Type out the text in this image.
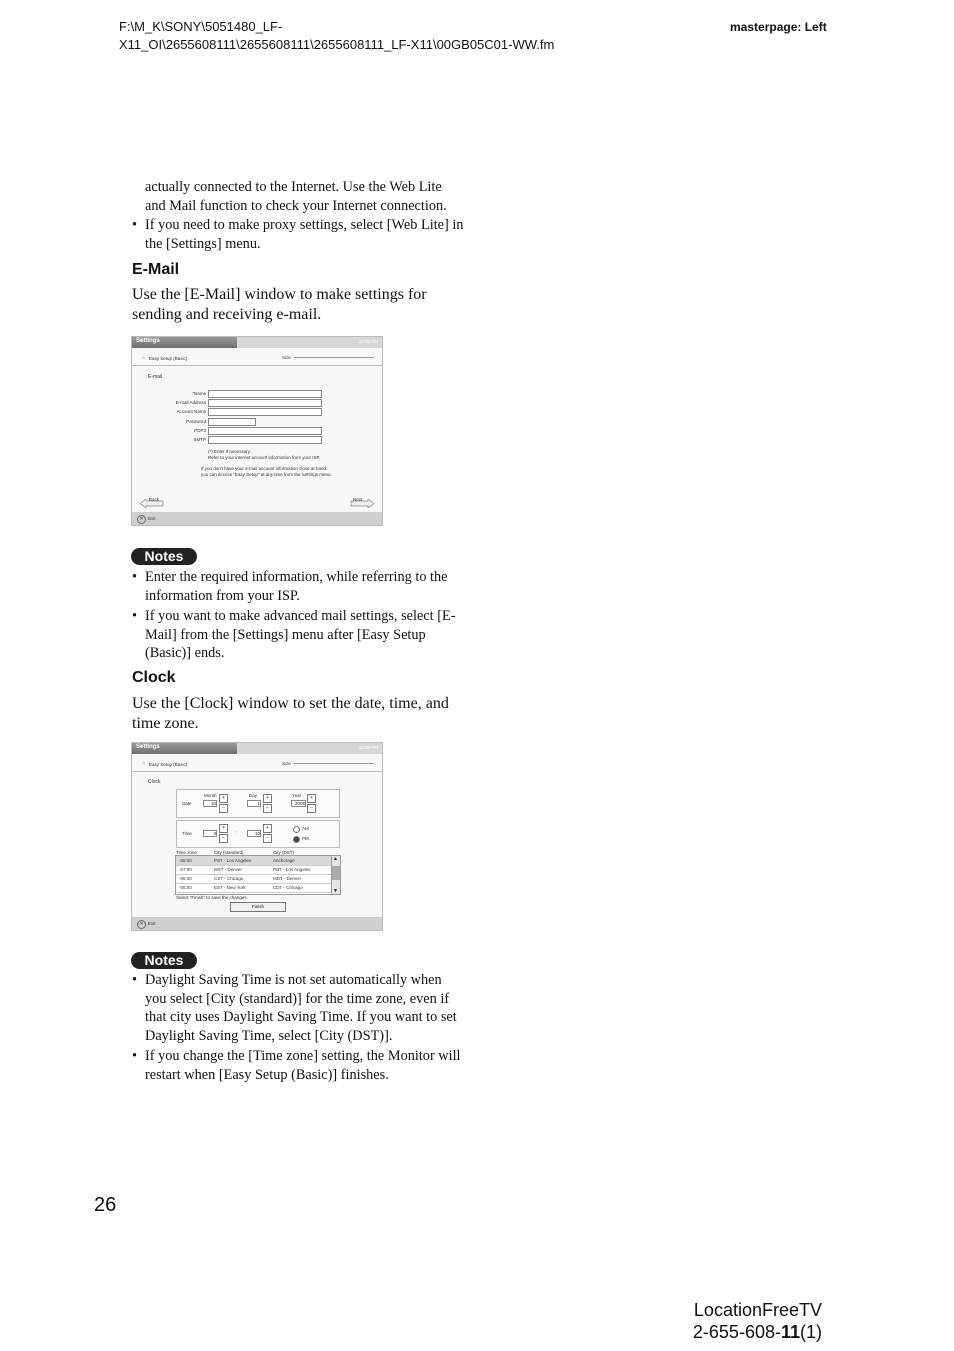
F:\M_K\SONY\5051480_LF-
X11_OI\2655608111\2655608111\2655608111_LF-X11\00GB05C01-WW.fm
masterpage: Left
actually connected to the Internet. Use the Web Lite
and Mail function to check your Internet connection.
• If you need to make proxy settings, select [Web Lite] in the [Settings] menu.
E-Mail
Use the [E-Mail] window to make settings for sending and receiving e-mail.
Settings	12:00 PM
⌂ Easy Setup (Basic)	Size
E-mail
*Name
E-mail Address
Account Name
Password
POP3
SMTP
(*) Enter if necessary.
Refer to your internet account information from your ISP.
If you don't have your e-mail account information close at hand,
you can access "Easy Setup" at any time from the Settings menu.
Back	Next
✕ Exit
Notes
• Enter the required information, while referring to the information from your ISP.
• If you want to make advanced mail settings, select [E-Mail] from the [Settings] menu after [Easy Setup (Basic)] ends.
Clock
Use the [Clock] window to set the date, time, and time zone.
Settings	12:00 PM
⌂ Easy Setup (Basic)	Size
Clock
Date
Month
10
+
−
Day
1
+
−
Year
2005
+
−
Time	3
+
−
:	10
+
−
AM
PM
Time zone	City (standard)	City (DST)
-08:00	PST - Los Angeles	Anchorage
-07:00	MST - Denver	PDT - Los Angeles
-06:00	CST - Chicago	MDT - Denver
-05:00	EST - New York	CDT - Chicago
▲
▼
Select "Finish" to save the changes.
Finish
✕ Exit
Notes
• Daylight Saving Time is not set automatically when you select [City (standard)] for the time zone, even if that city uses Daylight Saving Time. If you want to set Daylight Saving Time, select [City (DST)].
• If you change the [Time zone] setting, the Monitor will restart when [Easy Setup (Basic)] finishes.
26
LocationFreeTV
2-655-608-11(1)
